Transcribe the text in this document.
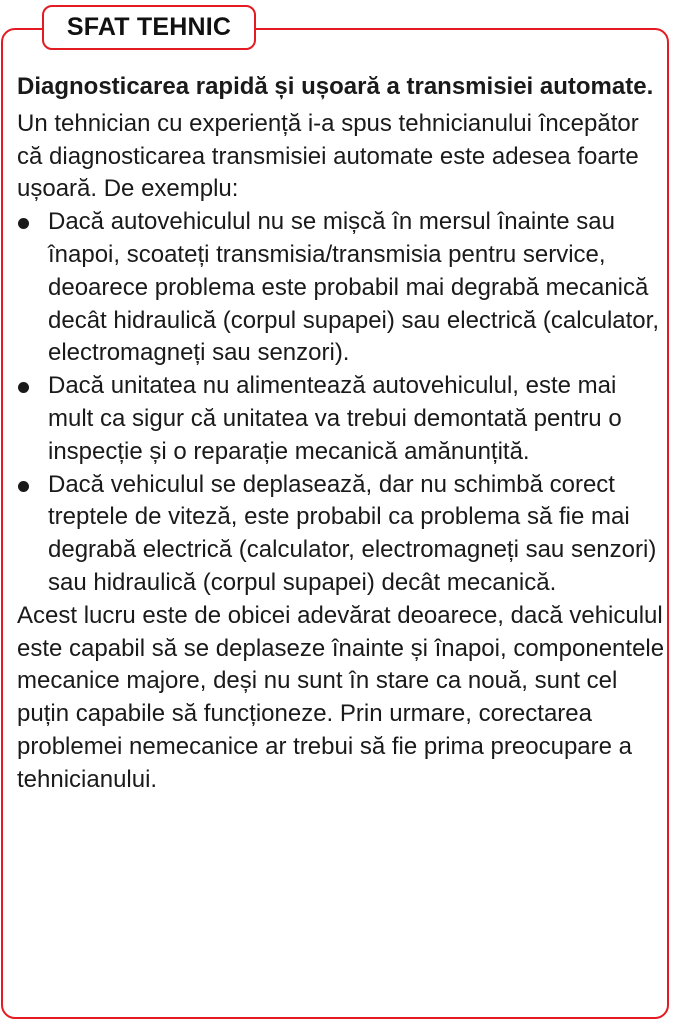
SFAT TEHNIC

Diagnosticarea rapidă și ușoară a transmisiei automate.

Un tehnician cu experiență i-a spus tehnicianului începător că diagnosticarea transmisiei automate este adesea foarte ușoară. De exemplu:

Dacă autovehiculul nu se mișcă în mersul înainte sau înapoi, scoateți transmisia/transmisia pentru service, deoarece problema este probabil mai degrabă mecanică decât hidraulică (corpul supapei) sau electrică (calculator, electromagneți sau senzori).
Dacă unitatea nu alimentează autovehiculul, este mai mult ca sigur că unitatea va trebui demontată pentru o inspecție și o reparație mecanică amănunțită.
Dacă vehiculul se deplasează, dar nu schimbă corect treptele de viteză, este probabil ca problema să fie mai degrabă electrică (calculator, electromagneți sau senzori) sau hidraulică (corpul supapei) decât mecanică.

Acest lucru este de obicei adevărat deoarece, dacă vehiculul este capabil să se deplaseze înainte și înapoi, componentele mecanice majore, deși nu sunt în stare ca nouă, sunt cel puțin capabile să funcționeze. Prin urmare, corectarea problemei nemecanice ar trebui să fie prima preocupare a tehnicianului.
